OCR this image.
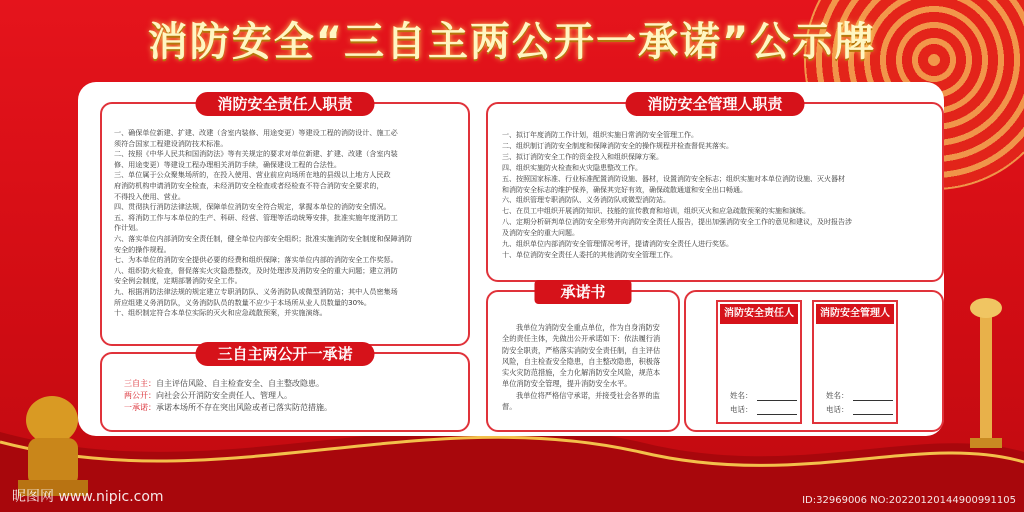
消防安全“三自主两公开一承诺”公示牌
消防安全责任人职责
一、确保单位新建、扩建、改建（含室内装修、用途变更）等建设工程的消防设计、施工必
须符合国家工程建设消防技术标准。
二、按照《中华人民共和国消防法》等有关规定的要求对单位新建、扩建、改建（含室内装
修、用途变更）等建设工程办理相关消防手续，确保建设工程的合法性。
三、单位属于公众聚集场所的，在投入使用、营业前应向场所在地的县级以上地方人民政
府消防机构申请消防安全检查，未经消防安全检查或者经检查不符合消防安全要求的，
不得投入使用、营业。
四、贯彻执行消防法律法规，保障单位消防安全符合规定，掌握本单位的消防安全情况。
五、将消防工作与本单位的生产、科研、经营、管理等活动统筹安排，批准实施年度消防工
作计划。
六、落实单位内部消防安全责任制，健全单位内部安全组织；批准实施消防安全制度和保障消防
安全的操作规程。
七、为本单位的消防安全提供必要的经费和组织保障；落实单位内部的消防安全工作奖惩。
八、组织防火检查，督促落实火灾隐患整改，及时处理涉及消防安全的重大问题；建立消防
安全例会制度，定期部署消防安全工作。
九、根据消防法律法规的规定建立专职消防队、义务消防队或微型消防站；其中人员密集场
所应组建义务消防队，义务消防队员的数量不应少于本场所从业人员数量的30%。
十、组织制定符合本单位实际的灭火和应急疏散预案，并实施演练。
三自主两公开一承诺
三自主：自主评估风险、自主检查安全、自主整改隐患。
两公开：向社会公开消防安全责任人、管理人。
一承诺：承诺本场所不存在突出风险或者已落实防范措施。
消防安全管理人职责
一、拟订年度消防工作计划，组织实施日常消防安全管理工作。
二、组织制订消防安全制度和保障消防安全的操作规程并检查督促其落实。
三、拟订消防安全工作的资金投入和组织保障方案。
四、组织实施防火检查和火灾隐患整改工作。
五、按照国家标准、行业标准配置消防设施、器材，设置消防安全标志；组织实施对本单位消防设施、灭火器材
和消防安全标志的维护保养，确保其完好有效，确保疏散通道和安全出口畅通。
六、组织管理专职消防队、义务消防队或微型消防站。
七、在员工中组织开展消防知识、技能的宣传教育和培训，组织灭火和应急疏散预案的实施和演练。
八、定期分析研判单位消防安全形势并向消防安全责任人报告，提出加强消防安全工作的意见和建议，及时报告涉
及消防安全的重大问题。
九、组织单位内部消防安全管理情况考评，提请消防安全责任人进行奖惩。
十、单位消防安全责任人委托的其他消防安全管理工作。
承诺书
我单位为消防安全重点单位，作为自身消防安
全的责任主体，先做出公开承诺如下：依法履行消
防安全职责，严格落实消防安全责任制，自主评估
风险，自主检查安全隐患，自主整改隐患，积极落
实火灾防范措施，全力化解消防安全风险，规范本
单位消防安全管理，提升消防安全水平。
我单位将严格信守承诺，并接受社会各界的监
督。
消防安全责任人
姓名：
电话：
消防安全管理人
姓名：
电话：
昵图网 www.nipic.com	ID:32969006 NO:20220120144900991105
